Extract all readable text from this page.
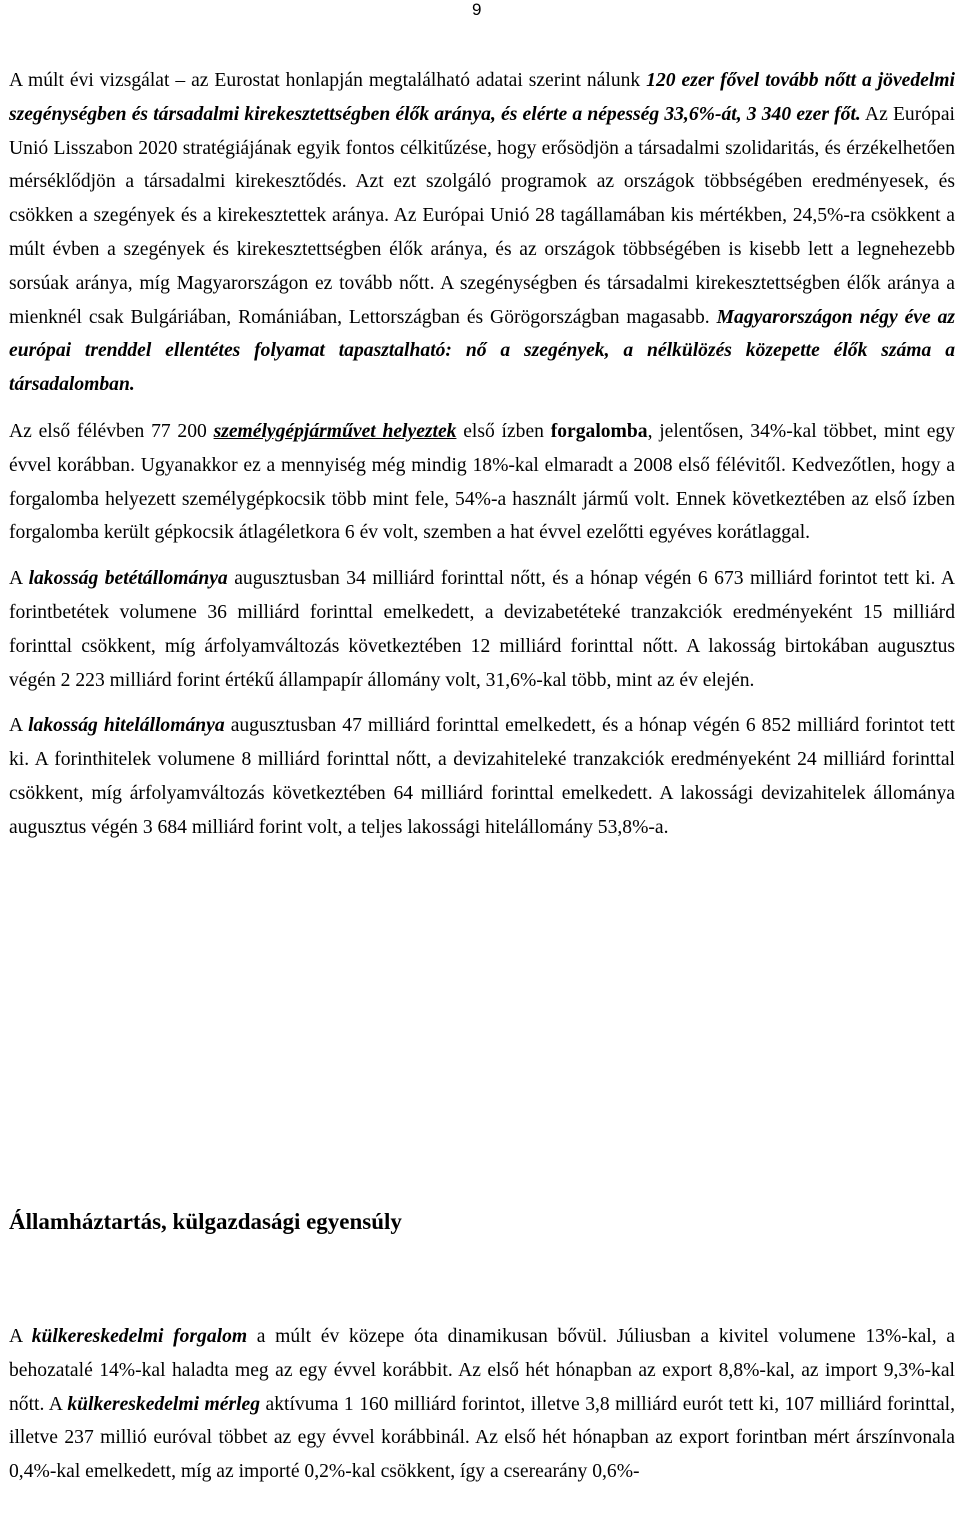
9

A múlt évi vizsgálat – az Eurostat honlapján megtalálható adatai szerint nálunk 120 ezer fővel tovább nőtt a jövedelmi szegénységben és társadalmi kirekesztettségben élők aránya, és elérte a népesség 33,6%-át, 3 340 ezer főt. Az Európai Unió Lisszabon 2020 stratégiájának egyik fontos célkitűzése, hogy erősödjön a társadalmi szolidaritás, és érzékelhetően mérséklődjön a társadalmi kirekesztődés. Azt ezt szolgáló programok az országok többségében eredményesek, és csökken a szegények és a kirekesztettek aránya. Az Európai Unió 28 tagállamában kis mértékben, 24,5%-ra csökkent a múlt évben a szegények és kirekesztettségben élők aránya, és az országok többségében is kisebb lett a legnehezebb sorsúak aránya, míg Magyarországon ez tovább nőtt. A szegénységben és társadalmi kirekesztettségben élők aránya a mienknél csak Bulgáriában, Romániában, Lettországban és Görögországban magasabb. Magyarországon négy éve az európai trenddel ellentétes folyamat tapasztalható: nő a szegények, a nélkülözés közepette élők száma a társadalomban.

Az első félévben 77 200 személygépjárművet helyeztek első ízben forgalomba, jelentősen, 34%-kal többet, mint egy évvel korábban. Ugyanakkor ez a mennyiség még mindig 18%-kal elmaradt a 2008 első félévitől. Kedvezőtlen, hogy a forgalomba helyezett személygépkocsik több mint fele, 54%-a használt jármű volt. Ennek következtében az első ízben forgalomba került gépkocsik átlagéletkora 6 év volt, szemben a hat évvel ezelőtti egyéves korátlaggal.

A lakosság betétállománya augusztusban 34 milliárd forinttal nőtt, és a hónap végén 6 673 milliárd forintot tett ki. A forintbetétek volumene 36 milliárd forinttal emelkedett, a devizabetéteké tranzakciók eredményeként 15 milliárd forinttal csökkent, míg árfolyamváltozás következtében 12 milliárd forinttal nőtt. A lakosság birtokában augusztus végén 2 223 milliárd forint értékű állampapír állomány volt, 31,6%-kal több, mint az év elején.

A lakosság hitelállománya augusztusban 47 milliárd forinttal emelkedett, és a hónap végén 6 852 milliárd forintot tett ki. A forinthitelek volumene 8 milliárd forinttal nőtt, a devizahiteleké tranzakciók eredményeként 24 milliárd forinttal csökkent, míg árfolyamváltozás következtében 64 milliárd forinttal emelkedett. A lakossági devizahitelek állománya augusztus végén 3 684 milliárd forint volt, a teljes lakossági hitelállomány 53,8%-a.

Államháztartás, külgazdasági egyensúly

A külkereskedelmi forgalom a múlt év közepe óta dinamikusan bővül. Júliusban a kivitel volumene 13%-kal, a behozatalé 14%-kal haladta meg az egy évvel korábbit. Az első hét hónapban az export 8,8%-kal, az import 9,3%-kal nőtt. A külkereskedelmi mérleg aktívuma 1 160 milliárd forintot, illetve 3,8 milliárd eurót tett ki, 107 milliárd forinttal, illetve 237 millió euróval többet az egy évvel korábbinál. Az első hét hónapban az export forintban mért árszínvonala 0,4%-kal emelkedett, míg az importé 0,2%-kal csökkent, így a cserearány 0,6%-
